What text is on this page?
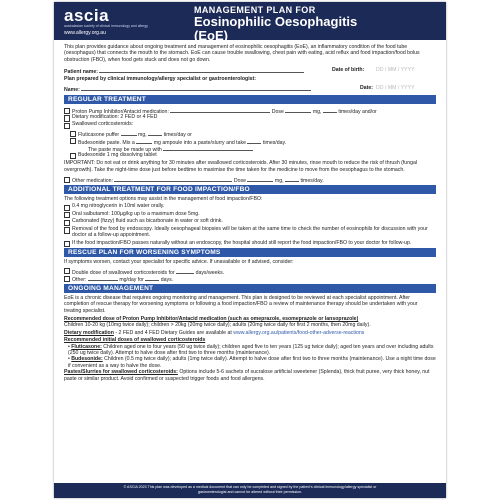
ascia
australasian society of clinical immunology and allergy
www.allergy.org.au
MANAGEMENT PLAN FOR
Eosinophilic Oesophagitis
(EoE)

This plan provides guidance about ongoing treatment and management of eosinophilic oesophagitis (EoE), an inflammatory condition of the food tube (oesophagus) that connects the mouth to the stomach. EoE can cause trouble swallowing, chest pain with eating, acid reflux and food impaction/food bolus obstruction (FBO), when food gets stuck and does not go down.

Patient name:	Date of birth: DD / MM / YYYY
Plan prepared by clinical immunology/allergy specialist or gastroenterologist:
Name:	Date: DD / MM / YYYY
REGULAR TREATMENT
Proton Pump Inhibitor/Antacid medication:	Dose	mg,	times/day and/or
Dietary modification: 2 FED or 4 FED
Swallowed corticosteroids:
Fluticasone puffer	mg,	times/day or
Budesonide paste. Mix a	mg ampoule into a paste/slurry and take	times/day.
The paste may be made up with
Budesonide 1 mg dissolving tablet

IMPORTANT: Do not eat or drink anything for 30 minutes after swallowed corticosteroids. After 30 minutes, rinse mouth to reduce the risk of thrush (fungal overgrowth). Take the night-time dose just before bedtime to maximise the time taken for the medicine to move from the oesophagus to the stomach.

Other medication:	Dose	mg,	times/day.
ADDITIONAL TREATMENT FOR FOOD IMPACTION/FBO
The following treatment options may assist in the management of food impaction/FBO:
0.4 mg nitroglycerin in 10ml water orally.
Oral salbutamol: 100µg/kg up to a maximum dose 5mg.
Carbonated (fizzy) fluid such as bicarbonate in water or soft drink.
Removal of the food by endoscopy. Ideally oesophageal biopsies will be taken at the same time to check the number of eosinophils for discussion with your doctor at a follow-up appointment.
If the food impaction/FBO passes naturally without an endoscopy, the hospital should still report the food impaction/FBO to your doctor for follow-up.
RESCUE PLAN FOR WORSENING SYMPTOMS
If symptoms worsen, contact your specialist for specific advice. If unavailable or if advised, consider:
Double dose of swallowed corticosteroids for	days/weeks.
Other:	mg/day for	days.
ONGOING MANAGEMENT

EoE is a chronic disease that requires ongoing monitoring and management. This plan is designed to be reviewed at each specialist appointment. After completion of rescue therapy for worsening symptoms or following a food impaction/FBO a review of maintenance therapy should be undertaken with your treating specialist.

Recommended dose of Proton Pump Inhibitor/Antacid medication (such as omeprazole, esomeprazole or lansoprazole)
Children 10-20 kg (10mg twice daily); children > 20kg (20mg twice daily); adults (20mg twice daily for first 2 months, then 20mg daily).
Dietary modification - 2 FED and 4 FED Dietary Guides are available at www.allergy.org.au/patients/food-other-adverse-reactions
Recommended initial doses of swallowed corticosteroids
• Fluticasone: Children aged one to four years (50 ug twice daily); children aged five to ten years (125 ug twice daily); aged ten years and over including adults (250 ug twice daily). Attempt to halve dose after first two to three months (maintenance).
• Budesonide: Children (0.5 mg twice daily); adults (1mg twice daily). Attempt to halve dose after first two to three months (maintenance). Use a night time dose if convenient as a way to halve the dose.
Pastes/Slurries for swallowed corticosteroids: Options include 5-6 sachets of sucralose artificial sweetener (Splenda), thick fruit puree, very thick honey, nut paste or similar product. Avoid confirmed or suspected trigger foods and food allergens.
© ASCIA 2023 This plan was developed as a medical document that can only be completed and signed by the patient's clinical immunology/allergy specialist or
gastroenterologist and cannot be altered without their permission.
